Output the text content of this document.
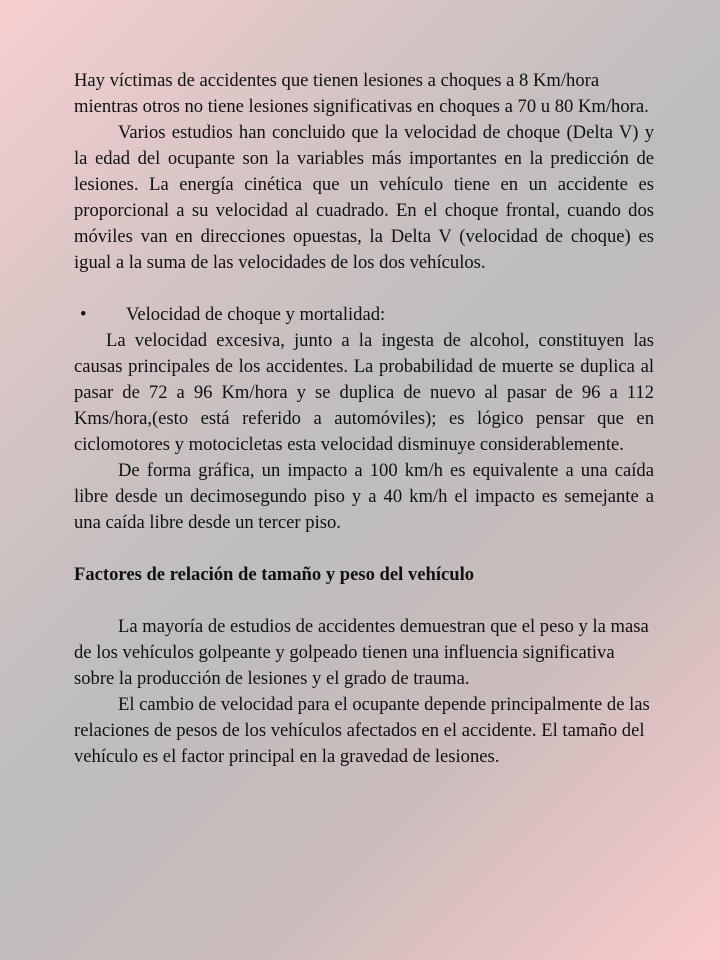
Hay víctimas de accidentes que tienen lesiones a choques a 8 Km/hora mientras otros no tiene lesiones significativas en choques a 70 u 80 Km/hora.

Varios estudios han concluido que la velocidad de choque (Delta V) y la edad del ocupante son la variables más importantes en la predicción de lesiones. La energía cinética que un vehículo tiene en un accidente es proporcional a su velocidad al cuadrado. En el choque frontal, cuando dos móviles van en direcciones opuestas, la Delta V (velocidad de choque) es igual a la suma de las velocidades de los dos vehículos.

• Velocidad de choque y mortalidad:

La velocidad excesiva, junto a la ingesta de alcohol, constituyen las causas principales de los accidentes. La probabilidad de muerte se duplica al pasar de 72 a 96 Km/hora y se duplica de nuevo al pasar de 96 a 112 Kms/hora,(esto está referido a automóviles); es lógico pensar que en ciclomotores y motocicletas esta velocidad disminuye considerablemente.

De forma gráfica, un impacto a 100 km/h es equivalente a una caída libre desde un decimosegundo piso y a 40 km/h el impacto es semejante a una caída libre desde un tercer piso.

Factores de relación de tamaño y peso del vehículo

La mayoría de estudios de accidentes demuestran que el peso y la masa de los vehículos golpeante y golpeado tienen una influencia significativa sobre la producción de lesiones y el grado de trauma.

El cambio de velocidad para el ocupante depende principalmente de las relaciones de pesos de los vehículos afectados en el accidente. El tamaño del vehículo es el factor principal en la gravedad de lesiones.
